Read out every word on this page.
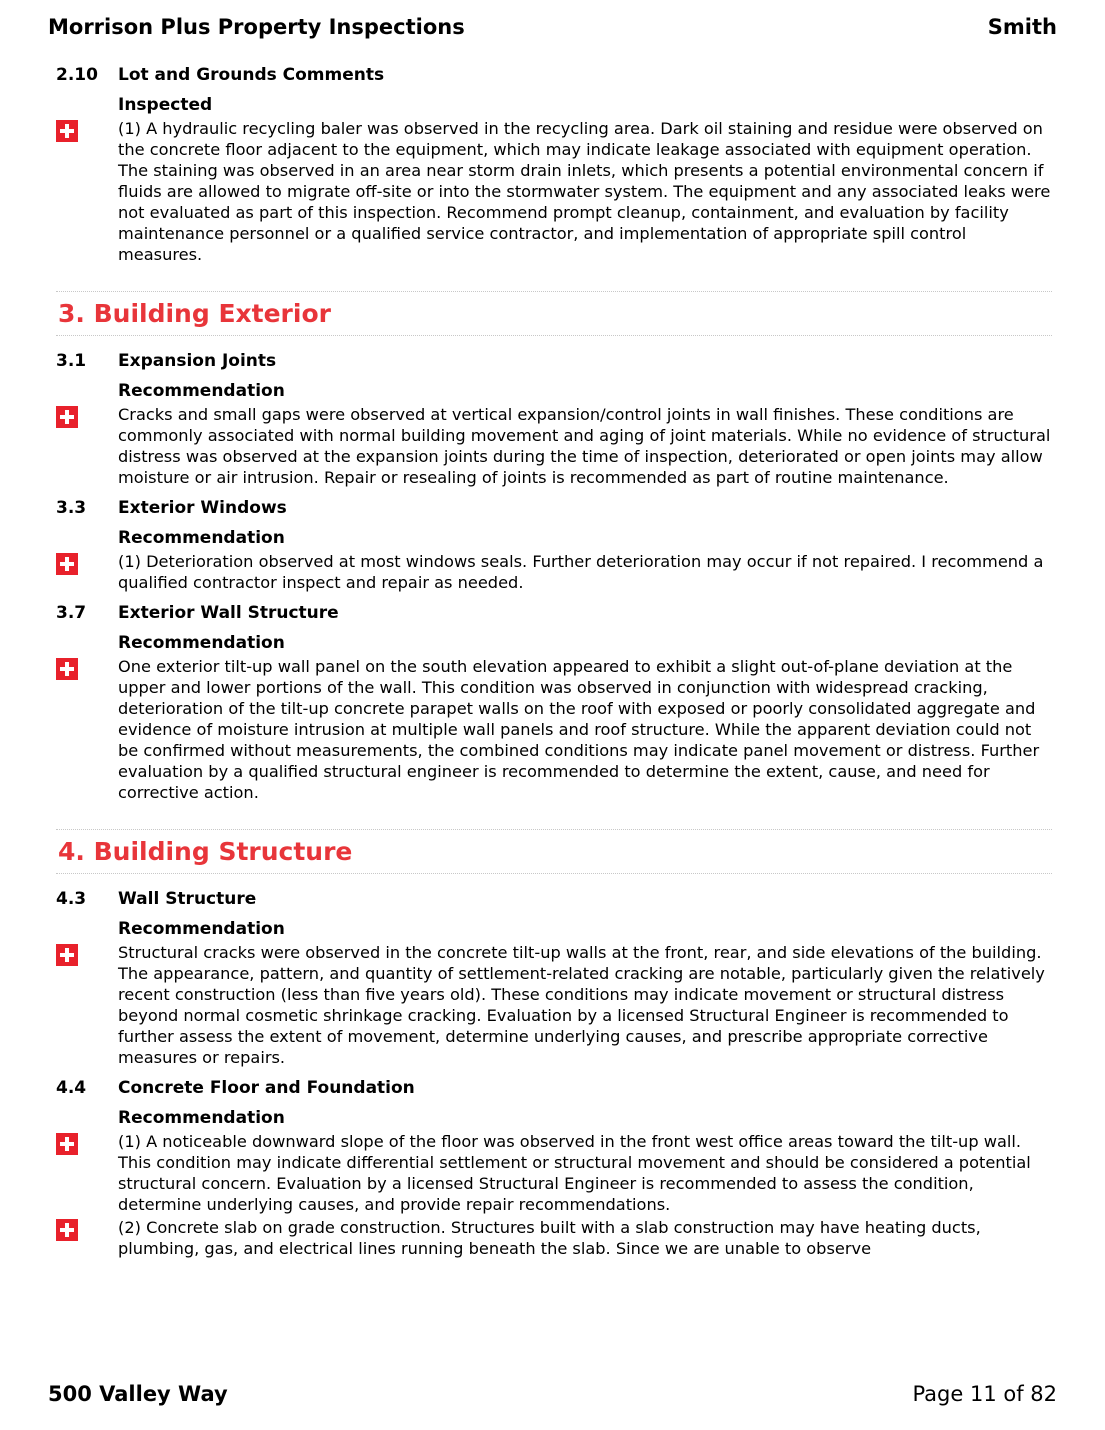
Morrison Plus Property Inspections	Smith
2.10	Lot and Grounds Comments
Inspected
(1) A hydraulic recycling baler was observed in the recycling area. Dark oil staining and residue were observed on the concrete floor adjacent to the equipment, which may indicate leakage associated with equipment operation. The staining was observed in an area near storm drain inlets, which presents a potential environmental concern if fluids are allowed to migrate off-site or into the stormwater system. The equipment and any associated leaks were not evaluated as part of this inspection. Recommend prompt cleanup, containment, and evaluation by facility maintenance personnel or a qualified service contractor, and implementation of appropriate spill control measures.
3. Building Exterior
3.1	Expansion Joints
Recommendation
Cracks and small gaps were observed at vertical expansion/control joints in wall finishes. These conditions are commonly associated with normal building movement and aging of joint materials. While no evidence of structural distress was observed at the expansion joints during the time of inspection, deteriorated or open joints may allow moisture or air intrusion. Repair or resealing of joints is recommended as part of routine maintenance.
3.3	Exterior Windows
Recommendation
(1) Deterioration observed at most windows seals. Further deterioration may occur if not repaired. I recommend a qualified contractor inspect and repair as needed.
3.7	Exterior Wall Structure
Recommendation
One exterior tilt-up wall panel on the south elevation appeared to exhibit a slight out-of-plane deviation at the upper and lower portions of the wall. This condition was observed in conjunction with widespread cracking, deterioration of the tilt-up concrete parapet walls on the roof with exposed or poorly consolidated aggregate and evidence of moisture intrusion at multiple wall panels and roof structure. While the apparent deviation could not be confirmed without measurements, the combined conditions may indicate panel movement or distress. Further evaluation by a qualified structural engineer is recommended to determine the extent, cause, and need for corrective action.
4. Building Structure
4.3	Wall Structure
Recommendation
Structural cracks were observed in the concrete tilt-up walls at the front, rear, and side elevations of the building. The appearance, pattern, and quantity of settlement-related cracking are notable, particularly given the relatively recent construction (less than five years old). These conditions may indicate movement or structural distress beyond normal cosmetic shrinkage cracking. Evaluation by a licensed Structural Engineer is recommended to further assess the extent of movement, determine underlying causes, and prescribe appropriate corrective measures or repairs.
4.4	Concrete Floor and Foundation
Recommendation
(1) A noticeable downward slope of the floor was observed in the front west office areas toward the tilt-up wall. This condition may indicate differential settlement or structural movement and should be considered a potential structural concern. Evaluation by a licensed Structural Engineer is recommended to assess the condition, determine underlying causes, and provide repair recommendations.
(2) Concrete slab on grade construction. Structures built with a slab construction may have heating ducts, plumbing, gas, and electrical lines running beneath the slab. Since we are unable to observe
500 Valley Way	Page 11 of 82
